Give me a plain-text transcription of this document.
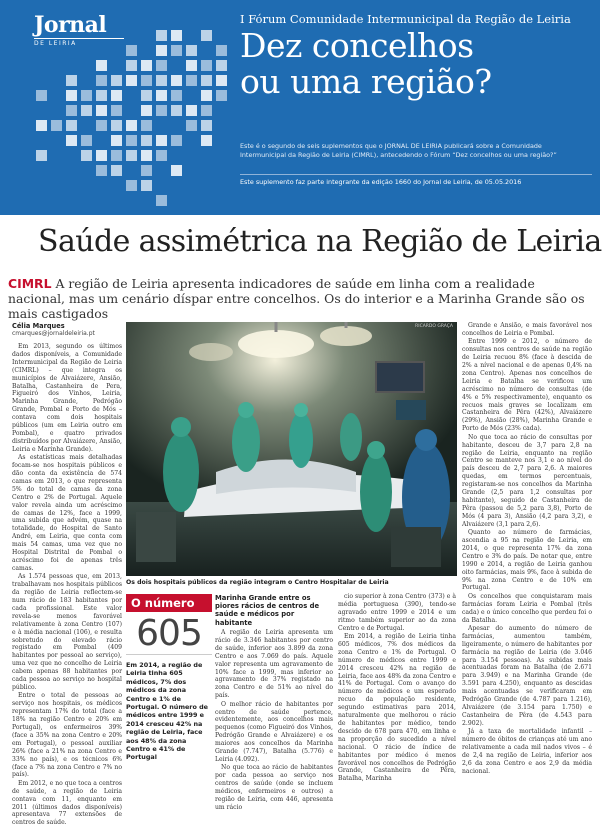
Jornal
DE LEIRIA
I Fórum Comunidade Intermunicipal da Região de Leiria
Dez concelhos
ou uma região?
Este é o segundo de seis suplementos que o JORNAL DE LEIRIA publicará sobre a Comunidade Intermunicipal da Região de Leiria (CIMRL), antecedendo o Fórum “Dez concelhos ou uma região?”
Este suplemento faz parte integrante da edição 1660 do Jornal de Leiria, de 05.05.2016
Saúde assimétrica na Região de Leiria
CIMRL A região de Leiria apresenta indicadores de saúde em linha com a realidade nacional, mas um cenário díspar entre concelhos. Os do interior e a Marinha Grande são os mais castigados
Célia Marques
cmarques@jornaldeleiria.pt

Em 2013, segundo os últimos dados disponíveis, a Comunidade Intermunicipal da Região de Leiria (CIMRL) – que integra os municípios de Alvaiázere, Ansião, Batalha, Castanheira de Pera, Figueiró dos Vinhos, Leiria, Marinha Grande, Pedrógão Grande, Pombal e Porto de Mós – contava com dois hospitais públicos (um em Leiria outro em Pombal), e quatro privados distribuídos por Alvaiázere, Ansião, Leiria e Marinha Grande).

As estatísticas mais detalhadas focam-se nos hospitais públicos e dão conta da existência de 574 camas em 2013, o que representa 5% do total de camas da zona Centro e 2% de Portugal. Aquele valor revela ainda um acréscimo de camas de 12%, face a 1999, uma subida que advém, quase na totalidade, do Hospital de Santo André, em Leiria, que conta com mais 54 camas, uma vez que no Hospital Distrital de Pombal o acréscimo foi de apenas três camas.

As 1.574 pessoas que, em 2013, trabalhavam nos hospitais públicos da região de Leiria reflectem-se num rácio de 183 habitantes por cada profissional. Este valor revela-se menos favorável relativamente à zona Centro (107) e à média nacional (106), e resulta sobretudo do elevado rácio registado em Pombal (409 habitantes por pessoal ao serviço), uma vez que no concelho de Leiria cabem apenas 88 habitantes por cada pessoa ao serviço no hospital público.

Entre o total de pessoas ao serviço nos hospitais, os médicos representam 17% do total (face a 18% na região Centro e 20% em Portugal), os enfermeiros 39% (face a 35% na zona Centro e 20% em Portugal), o pessoal auxiliar 26% (face a 21% na zona Centro e 33% no país), e os técnicos 6% (face a 7% na zona Centro e 7% no país).

Em 2012, e no que toca a centros de saúde, a região de Leiria contava com 11, enquanto em 2011 (últimos dados disponíveis) apresentava 77 extensões de centros de saúde.

RICARDO GRAÇA
Os dois hospitais públicos da região integram o Centro Hospitalar de Leiria
O número
605
Em 2014, a região de Leiria tinha 605 médicos, 7% dos médicos da zona Centro e 1% de Portugal. O número de médicos entre 1999 e 2014 cresceu 42% na região de Leiria, face aos 48% da zona Centro e 41% de Portugal
Marinha Grande entre os piores rácios de centros de saúde e médicos por habitante

A região de Leiria apresenta um rácio de 3.346 habitantes por centro de saúde, inferior aos 3.899 da zona Centro e aos 7.069 do país. Aquele valor representa um agravamento de 10% face a 1999, mas inferior ao agravamento de 37% registado na zona Centro e de 51% ao nível do país.

O melhor rácio de habitantes por centro de saúde pertence, evidentemente, aos concelhos mais pequenos (como Figueiró dos Vinhos, Pedrógão Grande e Alvaiázere) e os maiores aos concelhos da Marinha Grande (7.747), Batalha (5.776) e Leiria (4.092).

No que toca ao rácio de habitantes por cada pessoa ao serviço nos centros de saúde (onde se incluem médicos, enfermeiros e outros) a região de Leiria, com 446, apresenta um rácio

cio superior à zona Centro (373) e à média portuguesa (390), tendo-se agravado entre 1999 e 2014 e um ritmo também superior ao da zona Centro e de Portugal.

Em 2014, a região de Leiria tinha 605 médicos, 7% dos médicos da zona Centro e 1% de Portugal. O número de médicos entre 1999 e 2014 cresceu 42% na região de Leiria, face aos 48% da zona Centro e 41% de Portugal. Com o avanço do número de médicos e um esperado recuo da população residente, segundo estimativas para 2014, naturalmente que melhorou o rácio de habitantes por médico, tendo descido de 678 para 470, em linha e na proporção do sucedido a nível nacional. O rácio de índice de habitantes por médico é menos favorável nos concelhos de Pedrógão Grande, Castanheira de Pêra, Batalha, Marinha

Grande e Ansião, e mais favorável nos concelhos de Leiria e Pombal.

Entre 1999 e 2012, o número de consultas nos centros de saúde na região de Leiria recuou 8% (face à descida de 2% a nível nacional e de apenas 0,4% na zona Centro). Apenas nos concelhos de Leiria e Batalha se verificou um acréscimo no número de consultas (de 4% e 5% respectivamente), enquanto os recuos mais graves se localizam em Castanheira de Pêra (42%), Alvaiázere (29%), Ansião (28%), Marinha Grande e Porto de Mós (23% cada).

No que toca ao rácio de consultas por habitante, desceu de 3,7 para 2,8 na região de Leiria, enquanto na região Centro se manteve nos 3,1 e ao nível do país desceu de 2,7 para 2,6. A maiores quedas, em termos percentuais, registaram-se nos concelhos da Marinha Grande (2,5 para 1,2 consultas por habitante), seguido de Castanheira de Pêra (passou de 5,2 para 3,8), Porto de Mós (4 para 3), Ansião (4,2 para 3,2), e Alvaiázere (3,1 para 2,6).

Quanto ao número de farmácias, ascendia a 95 na região de Leiria, em 2014, o que representa 17% da zona Centro e 3% do país. De notar que, entre 1990 e 2014, a região de Leiria ganhou oito farmácias, mais 9%, face à subida de 9% na zona Centro e de 10% em Portugal.

Os concelhos que conquistaram mais farmácias foram Leiria e Pombal (três cada) e o único concelho que perdeu foi o da Batalha.

Apesar do aumento do número de farmácias, aumentou também, ligeiramente, o número de habitantes por farmácia na região de Leiria (de 3.046 para 3.154 pessoas). As subidas mais acentuadas foram na Batalha (de 2.671 para 3.949) e na Marinha Grande (de 3.591 para 4.250), enquanto as descidas mais acentuadas se verificaram em Pedrógão Grande (de 4.787 para 1.216), Alvaiázere (de 3.154 para 1.750) e Castanheira de Pêra (de 4.543 para 2.902).

Já a taxa de mortalidade infantil – número de óbitos de crianças até um ano relativamente a cada mil nados vivos – é de 2,4 na região de Leiria, inferior aos 2,6 da zona Centro e aos 2,9 da média nacional.
